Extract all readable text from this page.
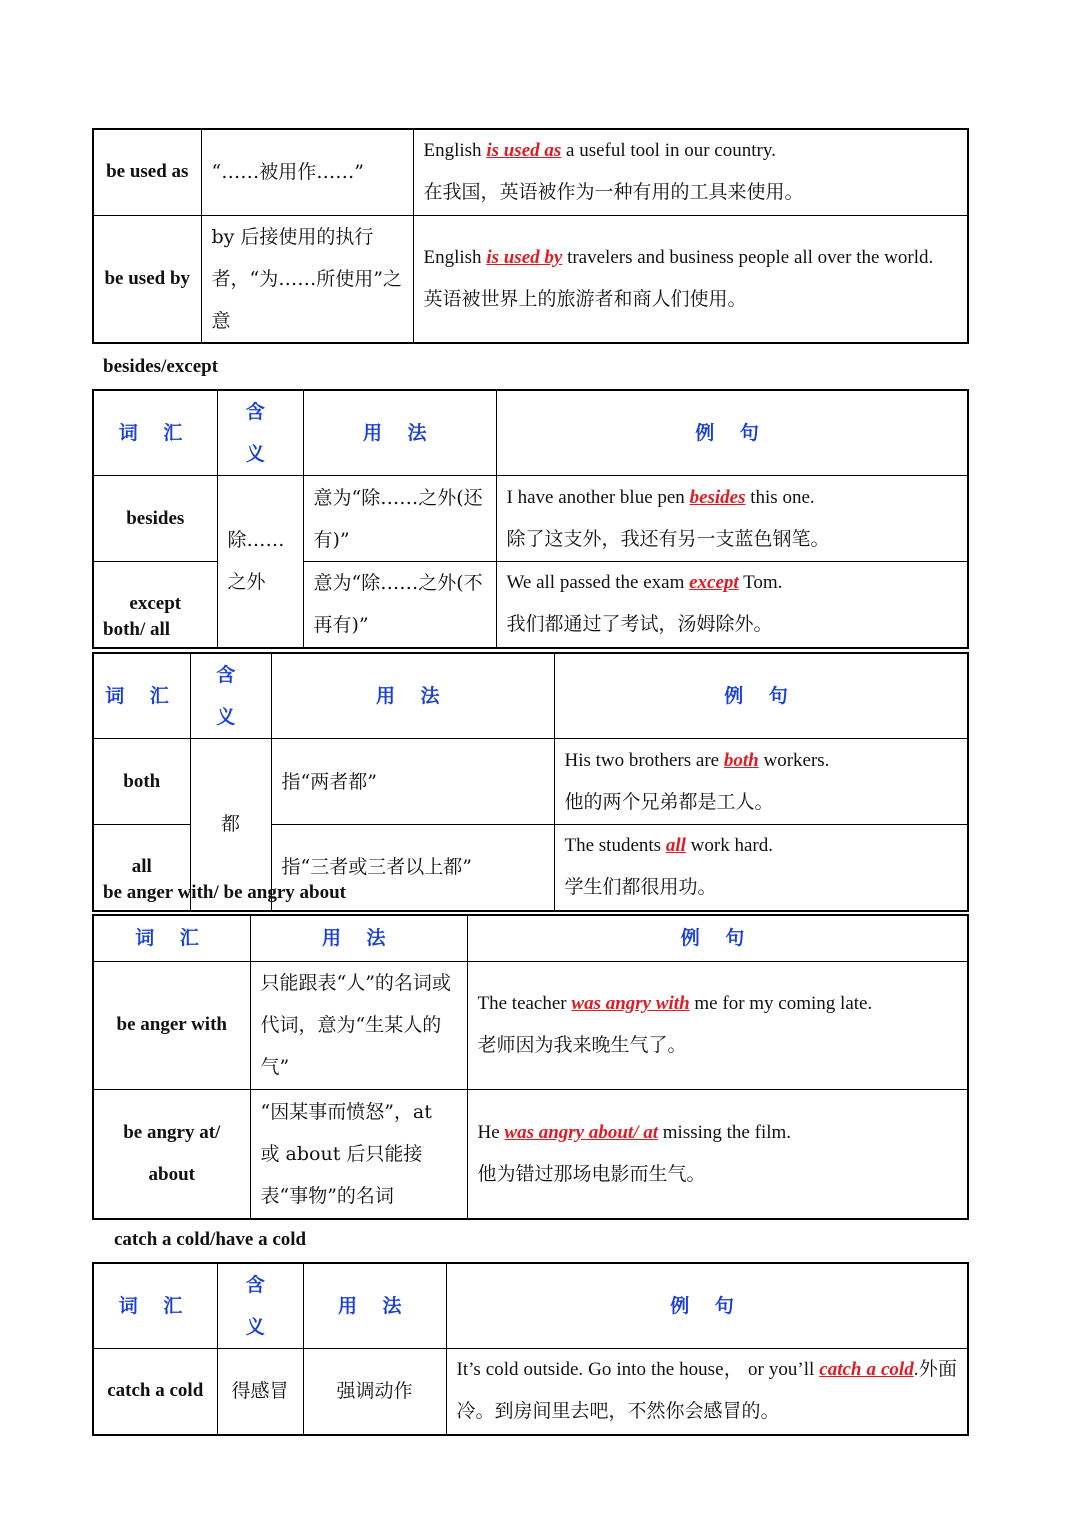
be used as	“……被用作……”	English is used as a useful tool in our country.
在我国，英语被作为一种有用的工具来使用。

be used by	by 后接使用的执行者，“为……所使用”之意	English is used by travelers and business people all over the world.
英语被世界上的旅游者和商人们使用。
besides/except
词 汇	含 义	用 法	例 句
besides	除……之外	意为“除……之外(还有)”	I have another blue pen besides this one.
除了这支外，我还有另一支蓝色钢笔。

except		意为“除……之外(不再有)”	We all passed the exam except Tom.
我们都通过了考试，汤姆除外。
both/ all
词 汇	含 义	用 法	例 句
both	都	指“两者都”	His two brothers are both workers.
他的两个兄弟都是工人。

all		指“三者或三者以上都”	The students all work hard.
学生们都很用功。
be anger with/ be angry about
词 汇	用 法	例 句
be anger with	只能跟表“人”的名词或代词，意为“生某人的气”	The teacher was angry with me for my coming late.
老师因为我来晚生气了。

be angry at/ about	“因某事而愤怒”，at 或 about 后只能接表“事物”的名词	He was angry about/ at missing the film.
他为错过那场电影而生气。
catch a cold/have a cold
词 汇	含 义	用 法	例 句
catch a cold	得感冒	强调动作	It’s cold outside. Go into the house， or you’ll catch a cold.外面冷。到房间里去吧，不然你会感冒的。
